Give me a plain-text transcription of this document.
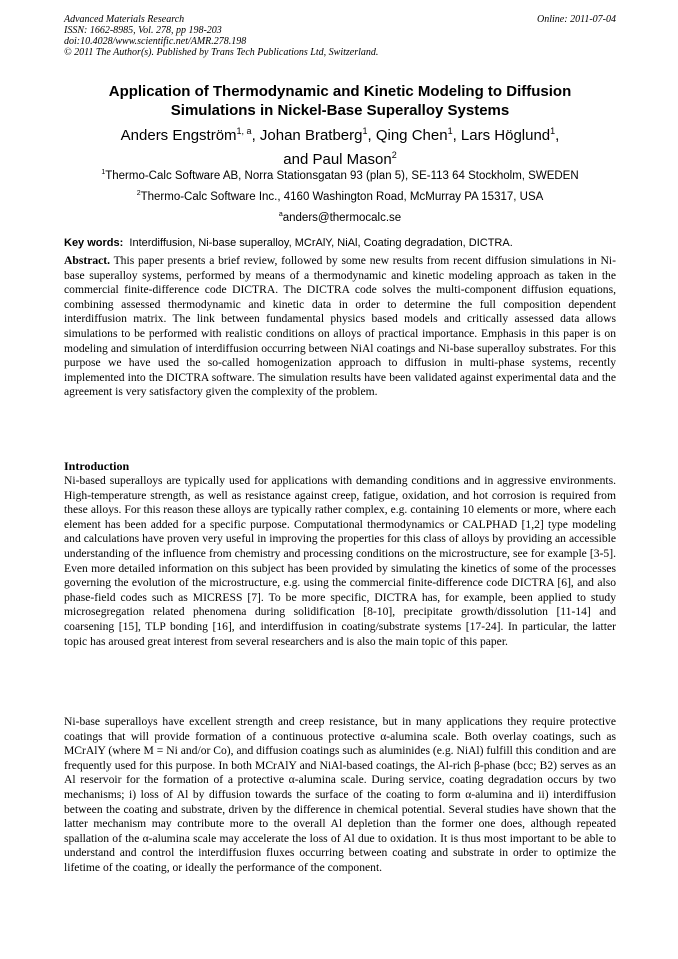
Advanced Materials Research
ISSN: 1662-8985, Vol. 278, pp 198-203
doi:10.4028/www.scientific.net/AMR.278.198
© 2011 The Author(s). Published by Trans Tech Publications Ltd, Switzerland.
Online: 2011-07-04
Application of Thermodynamic and Kinetic Modeling to Diffusion
Simulations in Nickel-Base Superalloy Systems
Anders Engström$^{1, a}$, Johan Bratberg$^1$, Qing Chen$^1$, Lars Höglund$^1$,
and Paul Mason$^2$
$^1$Thermo-Calc Software AB, Norra Stationsgatan 93 (plan 5), SE-113 64 Stockholm, SWEDEN
$^2$Thermo-Calc Software Inc., 4160 Washington Road, McMurray PA 15317, USA
$^a$anders@thermocalc.se
Key words: Interdiffusion, Ni-base superalloy, MCrAlY, NiAl, Coating degradation, DICTRA.
Abstract. This paper presents a brief review, followed by some new results from recent diffusion simulations in Ni-base superalloy systems, performed by means of a thermodynamic and kinetic modeling approach as taken in the commercial finite-difference code DICTRA. The DICTRA code solves the multi-component diffusion equations, combining assessed thermodynamic and kinetic data in order to determine the full composition dependent interdiffusion matrix. The link between fundamental physics based models and critically assessed data allows simulations to be performed with realistic conditions on alloys of practical importance. Emphasis in this paper is on modeling and simulation of interdiffusion occurring between NiAl coatings and Ni-base superalloy substrates. For this purpose we have used the so-called homogenization approach to diffusion in multi-phase systems, recently implemented into the DICTRA software. The simulation results have been validated against experimental data and the agreement is very satisfactory given the complexity of the problem.
Introduction
Ni-based superalloys are typically used for applications with demanding conditions and in aggressive environments. High-temperature strength, as well as resistance against creep, fatigue, oxidation, and hot corrosion is required from these alloys. For this reason these alloys are typically rather complex, e.g. containing 10 elements or more, where each element has been added for a specific purpose. Computational thermodynamics or CALPHAD [1,2] type modeling and calculations have proven very useful in improving the properties for this class of alloys by providing an accessible understanding of the influence from chemistry and processing conditions on the microstructure, see for example [3-5]. Even more detailed information on this subject has been provided by simulating the kinetics of some of the processes governing the evolution of the microstructure, e.g. using the commercial finite-difference code DICTRA [6], and also phase-field codes such as MICRESS [7]. To be more specific, DICTRA has, for example, been applied to study microsegregation related phenomena during solidification [8-10], precipitate growth/dissolution [11-14] and coarsening [15], TLP bonding [16], and interdiffusion in coating/substrate systems [17-24]. In particular, the latter topic has aroused great interest from several researchers and is also the main topic of this paper.
Ni-base superalloys have excellent strength and creep resistance, but in many applications they require protective coatings that will provide formation of a continuous protective α-alumina scale. Both overlay coatings, such as MCrAlY (where M = Ni and/or Co), and diffusion coatings such as aluminides (e.g. NiAl) fulfill this condition and are frequently used for this purpose. In both MCrAlY and NiAl-based coatings, the Al-rich β-phase (bcc; B2) serves as an Al reservoir for the formation of a protective α-alumina scale. During service, coating degradation occurs by two mechanisms; i) loss of Al by diffusion towards the surface of the coating to form α-alumina and ii) interdiffusion between the coating and substrate, driven by the difference in chemical potential. Several studies have shown that the latter mechanism may contribute more to the overall Al depletion than the former one does, although repeated spallation of the α-alumina scale may accelerate the loss of Al due to oxidation. It is thus most important to be able to understand and control the interdiffusion fluxes occurring between coating and substrate in order to optimize the lifetime of the coating, or ideally the performance of the component.
